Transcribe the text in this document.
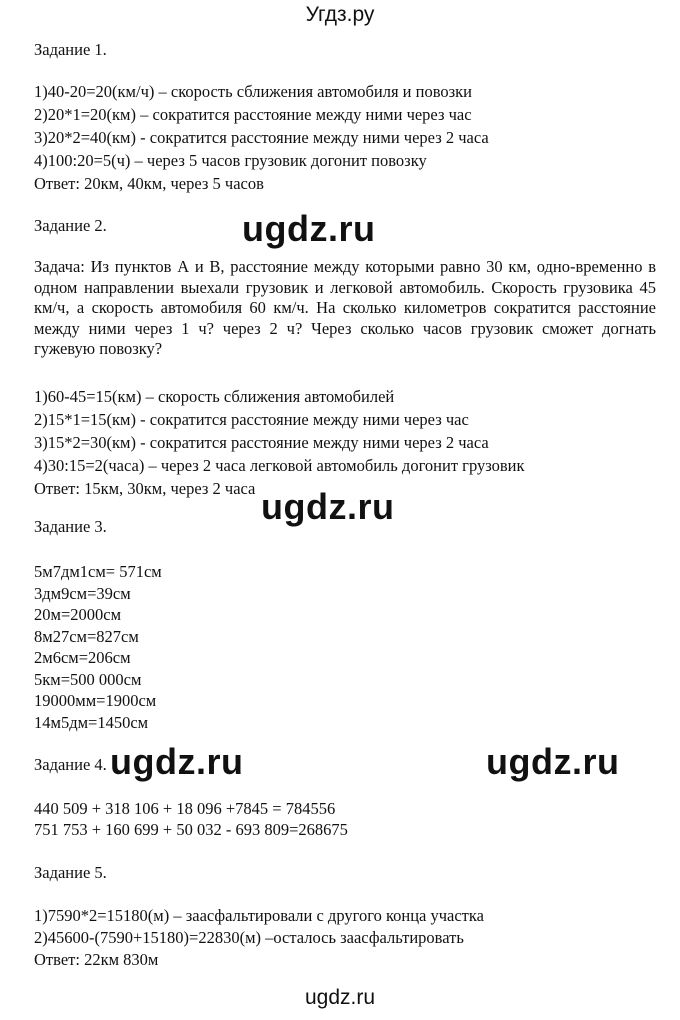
Угдз.ру
Задание 1.
1)40-20=20(км/ч) – скорость сближения автомобиля и повозки
2)20*1=20(км) – сократится расстояние между ними через час
3)20*2=40(км) - сократится расстояние между ними через 2 часа
4)100:20=5(ч) – через 5 часов грузовик догонит повозку
Ответ: 20км, 40км, через 5 часов
Задание 2.	ugdz.ru
Задача: Из пунктов А и В, расстояние между которыми равно 30 км, одно-временно в одном направлении выехали грузовик и легковой автомобиль. Скорость грузовика 45 км/ч, а скорость автомобиля 60 км/ч. На сколько километров сократится расстояние между ними через 1 ч? через 2 ч? Через сколько часов грузовик сможет догнать гужевую повозку?
1)60-45=15(км) – скорость сближения автомобилей
2)15*1=15(км) - сократится расстояние между ними через час
3)15*2=30(км) - сократится расстояние между ними через 2 часа
4)30:15=2(часа) – через 2 часа легковой автомобиль догонит грузовик
Ответ: 15км, 30км, через 2 часа ugdz.ru
Задание 3.
5м7дм1см= 571см
3дм9см=39см
20м=2000см
8м27см=827см
2м6см=206см
5км=500 000см
19000мм=1900см
14м5дм=1450см
Задание 4. ugdz.ru	ugdz.ru
440 509 + 318 106 + 18 096 +7845 = 784556
751 753 + 160 699 + 50 032 - 693 809=268675
Задание 5.
1)7590*2=15180(м) – заасфальтировали с другого конца участка
2)45600-(7590+15180)=22830(м) –осталось заасфальтировать
Ответ: 22км 830м
ugdz.ru
